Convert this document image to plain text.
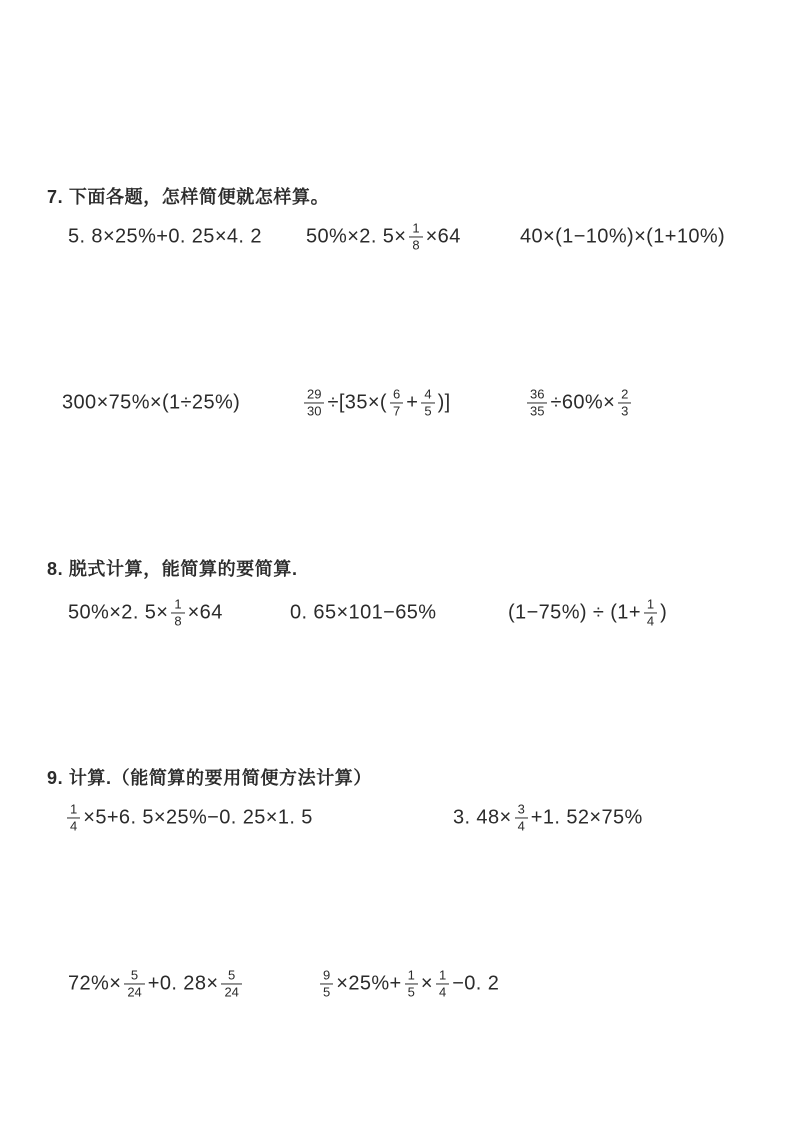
7. 下面各题，怎样简便就怎样算。
5. 8×25%+0. 25×4. 2 50%×2. $5\times \frac{1}{8} \times 64$	40×(1−10%)×(1+10%)
300×75%×(1÷25%)	$\frac{29}{30} \div[35\times( \frac{6}{7} + \frac{4}{5}$ )]	$\frac{36}{35} \div 60\%\times \frac{2}{3}$
8. 脱式计算，能简算的要简算.
50%×2. $5\times \frac{1}{8} \times 64$	0. 65×101−65%	$(1-75\%) \div (1+ \frac{1}{4}$ )
9. 计算.（能简算的要用简便方法计算）
$\frac{1}{4} \times 5+6$. 5×25%−0. 25×1. 5	3. $48\times \frac{3}{4} +1$. 52×75%
$72\%\times \frac{5}{24} +0$. $28\times \frac{5}{24}$	$\frac{9}{5} \times 25\%+ \frac{1}{5} \times \frac{1}{4} -0$. 2
